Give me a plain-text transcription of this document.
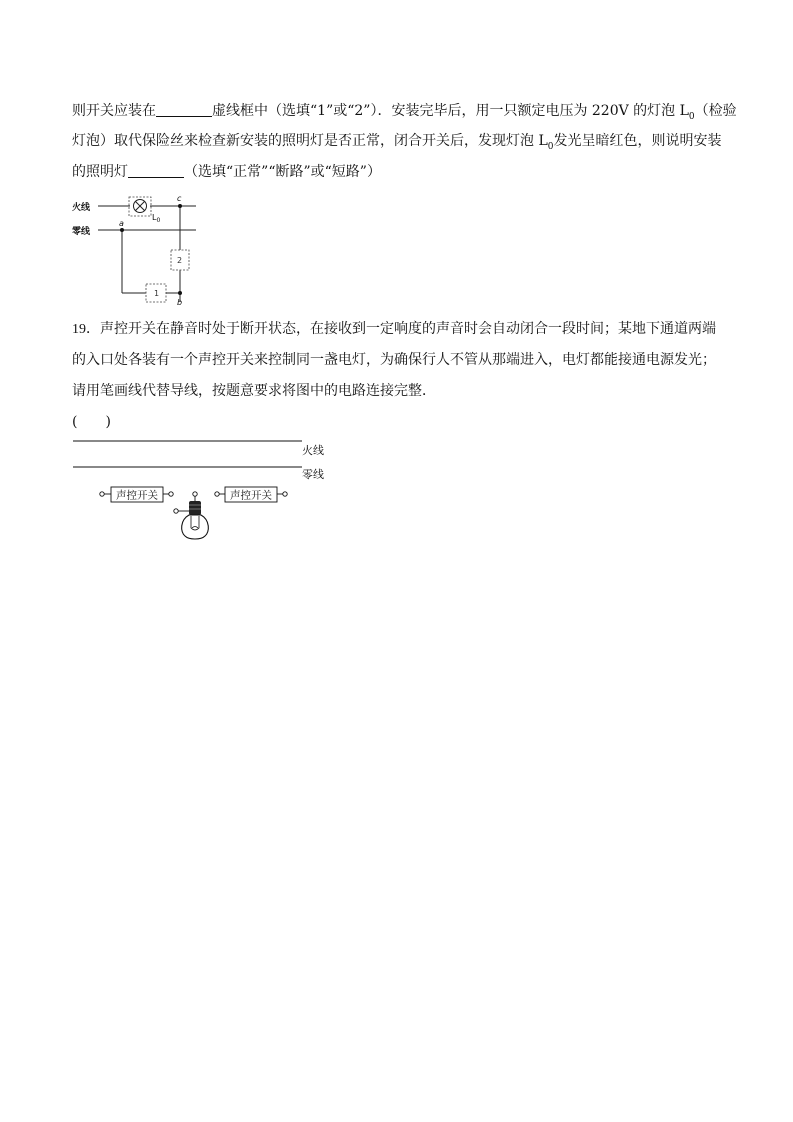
则开关应装在	虚线框中（选填“1”或“2”）．安装完毕后，用一只额定电压为 220V 的灯泡 $L_0$（检验
灯泡）取代保险丝来检查新安装的照明灯是否正常，闭合开关后，发现灯泡 $L_0$发光呈暗红色，则说明安装
的照明灯	（选填“正常”“断路”或“短路”）
火线
零线
a
c
b
$L_0$
2
1
19．声控开关在静音时处于断开状态，在接收到一定响度的声音时会自动闭合一段时间；某地下通道两端
的入口处各装有一个声控开关来控制同一盏电灯，为确保行人不管从那端进入，电灯都能接通电源发光；
请用笔画线代替导线，按题意要求将图中的电路连接完整．
(　　)
火线
零线
声控开关	声控开关
